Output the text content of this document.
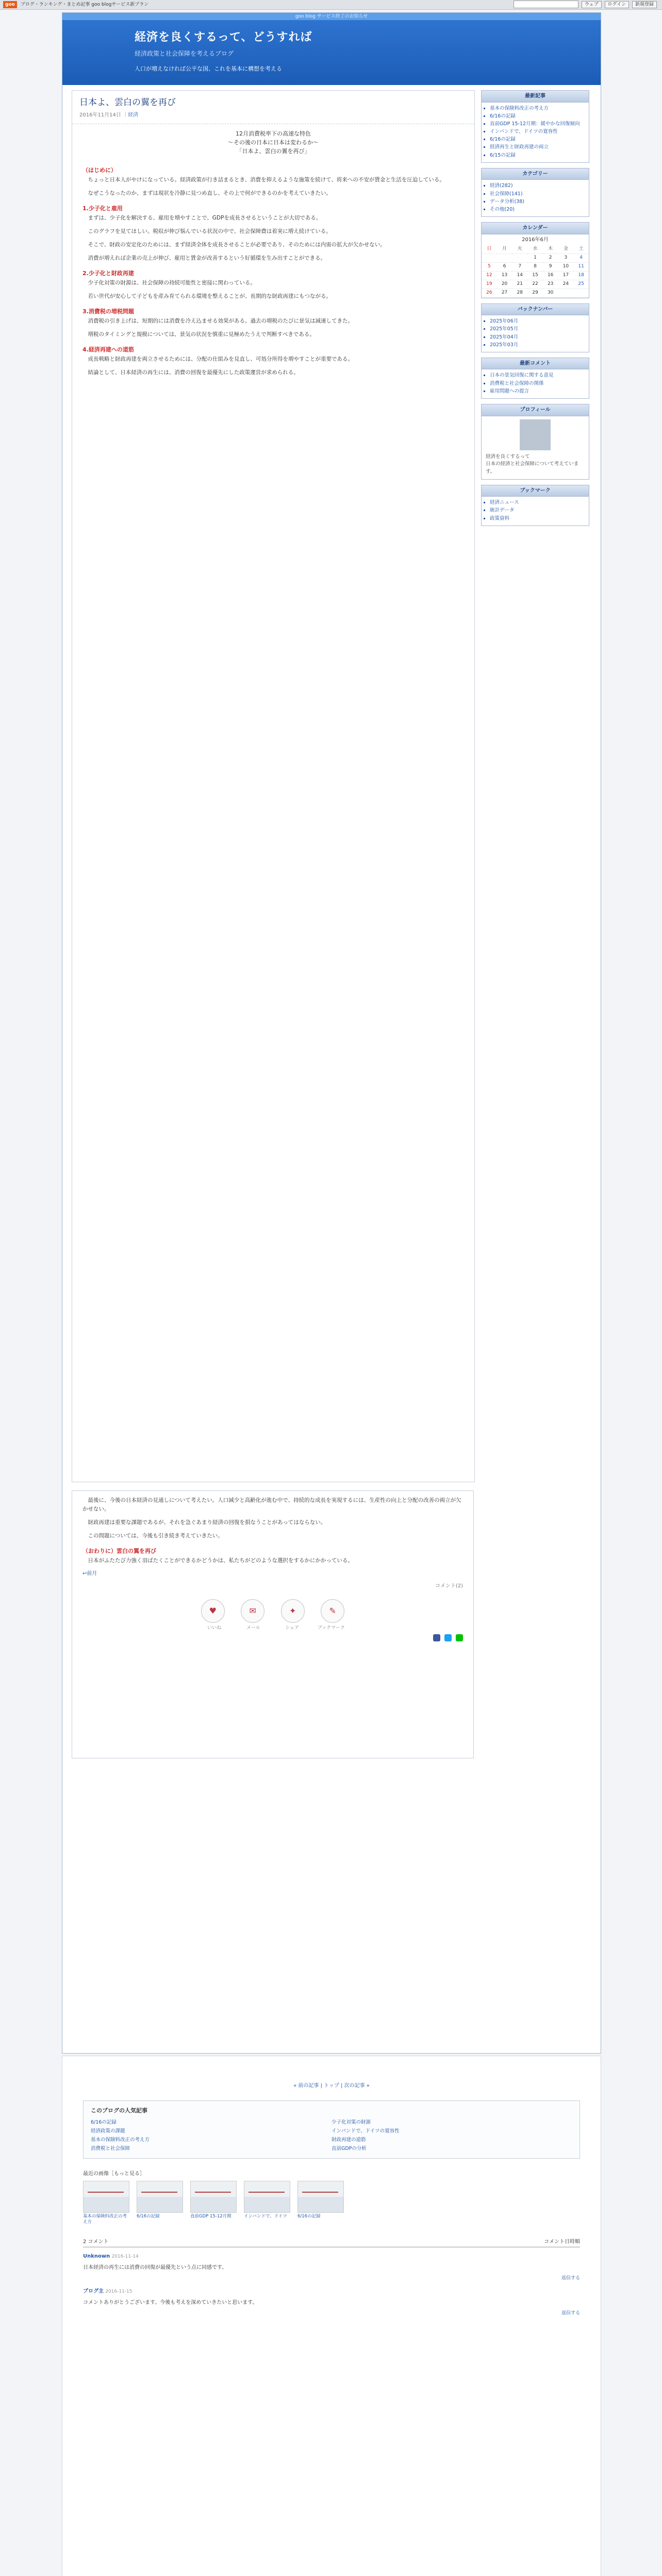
goo ブログ・ランキング・まとめ記事 goo blogサービス新プラン	ウェブ ログイン 新規登録
goo blog サービス終了のお知らせ
経済を良くするって、どうすれば
経済政策と社会保障を考えるブログ
人口が増えなければ公平な国、これを基本に構想を考える
日本よ、雲白の翼を再び
2016年11月14日 ｜経済
12月消費税率下の高速な特色
～その後の日本に日本は変わるか～
「日本よ、雲白の翼を再び」
（はじめに）

ちょっと日本人がやけになっている。経済政策が行き詰まるとき、消費を抑えるような施策を続けて、将来への不安が賃金と生活を圧迫している。

なぜこうなったのか、まずは現状を冷静に見つめ直し、その上で何ができるのかを考えていきたい。

1.少子化と雇用

まずは、少子化を解決する、雇用を増やすことで、GDPを成長させるということが大切である。

このグラフを見てほしい。税収が伸び悩んでいる状況の中で、社会保障費は着実に増え続けている。

そこで、財政の安定化のためには、まず経済全体を成長させることが必要であり、そのためには内需の拡大が欠かせない。

消費が増えれば企業の売上が伸び、雇用と賃金が改善するという好循環を生み出すことができる。

2.少子化と財政再建

少子化対策の財源は、社会保障の持続可能性と密接に関わっている。

若い世代が安心して子どもを産み育てられる環境を整えることが、長期的な財政再建にもつながる。

3.消費税の増税問題

消費税の引き上げは、短期的には消費を冷え込ませる効果がある。過去の増税のたびに景気は減速してきた。

増税のタイミングと規模については、景気の状況を慎重に見極めたうえで判断すべきである。

4.経済再建への道筋

成長戦略と財政再建を両立させるためには、分配の仕組みを見直し、可処分所得を増やすことが重要である。

結論として、日本経済の再生には、消費の回復を最優先にした政策運営が求められる。

最後に、今後の日本経済の見通しについて考えたい。人口減少と高齢化が進む中で、持続的な成長を実現するには、生産性の向上と分配の改善の両立が欠かせない。

財政再建は重要な課題であるが、それを急ぐあまり経済の回復を損なうことがあってはならない。

この問題については、今後も引き続き考えていきたい。

（おわりに）雲白の翼を再び

日本がふたたび力強く羽ばたくことができるかどうかは、私たちがどのような選択をするかにかかっている。

↩前月
コメント(2)
♥	✉	✦	✎
いいね	メール	シェア	ブックマーク

最新記事
▪ 基本の保険料改正の考え方
▪ 6/16の記録
▪ 直前GDP 15-12月期：緩やかな回復傾向
▪ インバンドで、ドイツの寛容性
▪ 6/16の記録
▪ 経済再生と財政再建の両立
▪ 6/15の記録
カテゴリー
▪ 経済(282)
▪ 社会保障(141)
▪ データ分析(38)
▪ その他(20)
カレンダー
2016年6月
日	月	火	水	木	金	土
			1	2	3	4
5	6	7	8	9	10	11
12	13	14	15	16	17	18
19	20	21	22	23	24	25
26	27	28	29	30		
バックナンバー
▪ 2025年06月
▪ 2025年05月
▪ 2025年04月
▪ 2025年03月
最新コメント
▪ 日本の景気回復に関する意見
▪ 消費税と社会保障の関係
▪ 雇用問題への提言
プロフィール
経済を良くするって
日本の経済と社会保障について考えています。
ブックマーク
▪ 経済ニュース
▪ 統計データ
▪ 政策資料
« 前の記事 | トップ | 次の記事 »
このブログの人気記事
6/16の記録
経済政策の課題
基本の保険料改正の考え方
消費税と社会保障
少子化対策の財源
インバンドで、ドイツの寛容性
財政再建の道筋
直前GDPの分析
最近の画像［もっと見る］
基本の保険料改正の考え方
6/16の記録	直前GDP 15-12月期	インバンドで、ドイツ	6/16の記録
2 コメント	コメント日時順
Unknown 2016-11-14

日本経済の再生には消費の回復が最優先という点に同感です。

返信する
ブログ主 2016-11-15

コメントありがとうございます。今後も考えを深めていきたいと思います。

返信する
